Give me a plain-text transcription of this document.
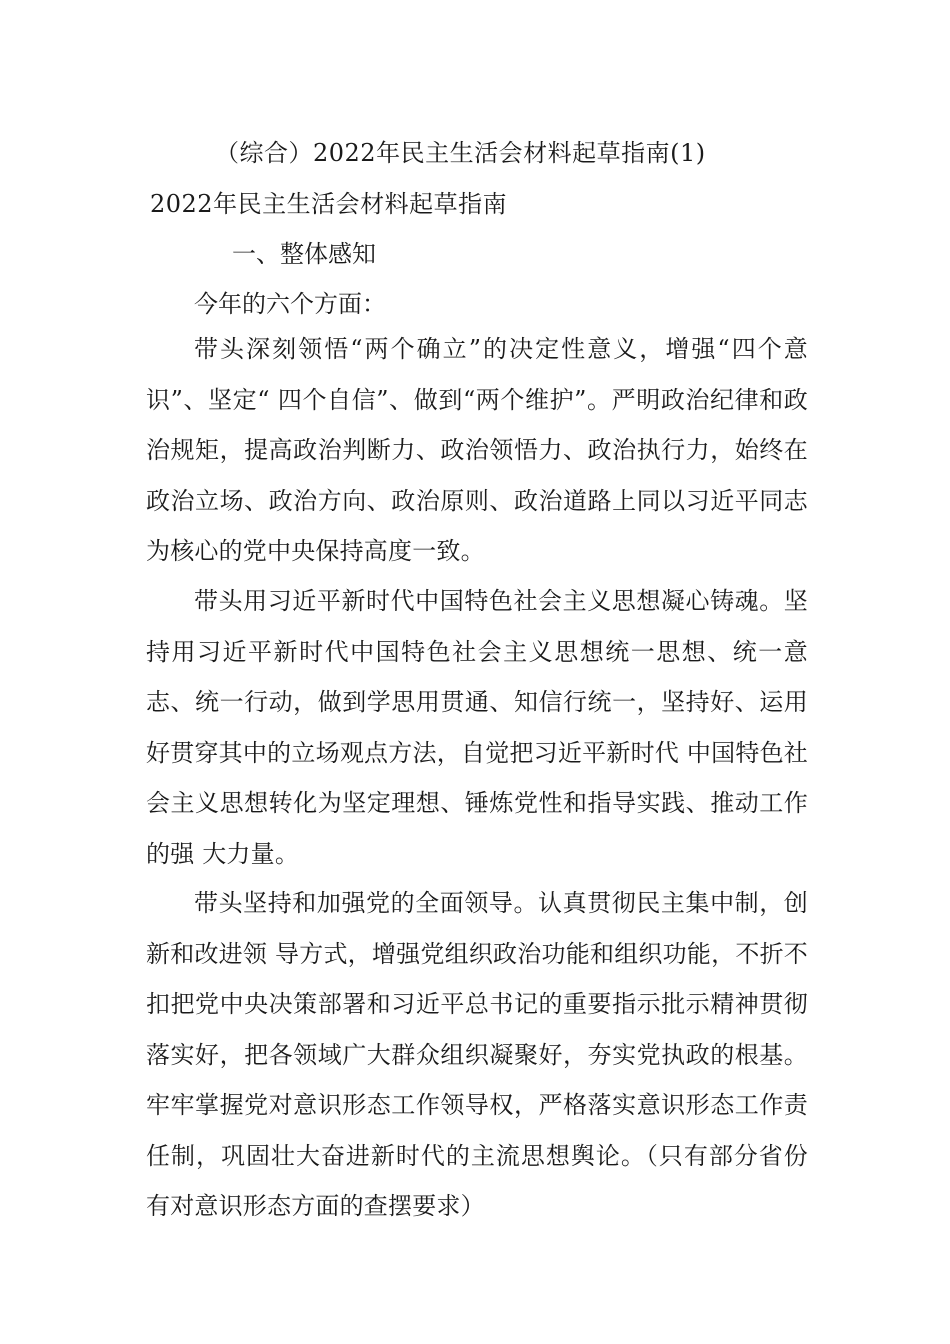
（综合）2022年民主生活会材料起草指南(1)
2022年民主生活会材料起草指南
一、整体感知
今年的六个方面：

带头深刻领悟“两个确立”的决定性意义，增强“四个意识”、坚定“ 四个自信”、做到“两个维护”。严明政治纪律和政治规矩，提高政治判断力、政治领悟力、政治执行力，始终在政治立场、政治方向、政治原则、政治道路上同以习近平同志为核心的党中央保持高度一致。

带头用习近平新时代中国特色社会主义思想凝心铸魂。坚持用习近平新时代中国特色社会主义思想统一思想、统一意志、统一行动，做到学思用贯通、知信行统一，坚持好、运用好贯穿其中的立场观点方法，自觉把习近平新时代 中国特色社会主义思想转化为坚定理想、锤炼党性和指导实践、推动工作的强 大力量。

带头坚持和加强党的全面领导。认真贯彻民主集中制，创新和改进领 导方式，增强党组织政治功能和组织功能，不折不扣把党中央决策部署和习近平总书记的重要指示批示精神贯彻落实好，把各领域广大群众组织凝聚好，夯实党执政的根基。牢牢掌握党对意识形态工作领导权，严格落实意识形态工作责任制，巩固壮大奋进新时代的主流思想舆论。（只有部分省份有对意识形态方面的查摆要求）
